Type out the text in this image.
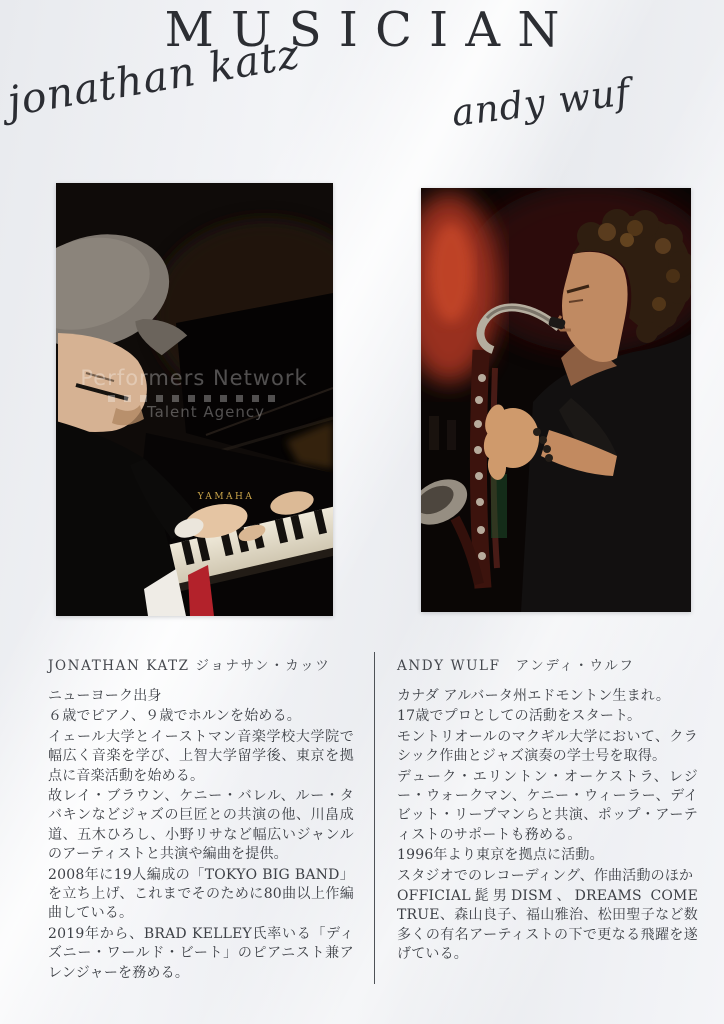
MUSICIAN
jonathan katz	andy wuf
Performers Network
Talent Agency
YAMAHA
JONATHAN KATZ ジョナサン・カッツ

ニューヨーク出身

６歳でピアノ、９歳でホルンを始める。

イェール大学とイーストマン音楽学校大学院で幅広く音楽を学び、上智大学留学後、東京を拠点に音楽活動を始める。

故レイ・ブラウン、ケニー・バレル、ルー・タバキンなどジャズの巨匠との共演の他、川畠成道、五木ひろし、小野リサなど幅広いジャンルのアーティストと共演や編曲を提供。

2008年に19人編成の「TOKYO BIG BAND」を立ち上げ、これまでそのために80曲以上作編曲している。

2019年から、BRAD KELLEY氏率いる「ディズニー・ワールド・ビート」のピアニスト兼アレンジャーを務める。

ANDY WULF　アンディ・ウルフ

カナダ アルバータ州エドモントン生まれ。

17歳でプロとしての活動をスタート。

モントリオールのマクギル大学において、クラシック作曲とジャズ演奏の学士号を取得。

デューク・エリントン・オーケストラ、レジー・ウォークマン、ケニー・ウィーラー、デイビット・リーブマンらと共演、ポップ・アーティストのサポートも務める。

1996年より東京を拠点に活動。

スタジオでのレコーディング、作曲活動のほか

OFFICIAL髭男DISM、DREAMS COME TRUE、森山良子、福山雅治、松田聖子など数多くの有名アーティストの下で更なる飛躍を遂げている。
